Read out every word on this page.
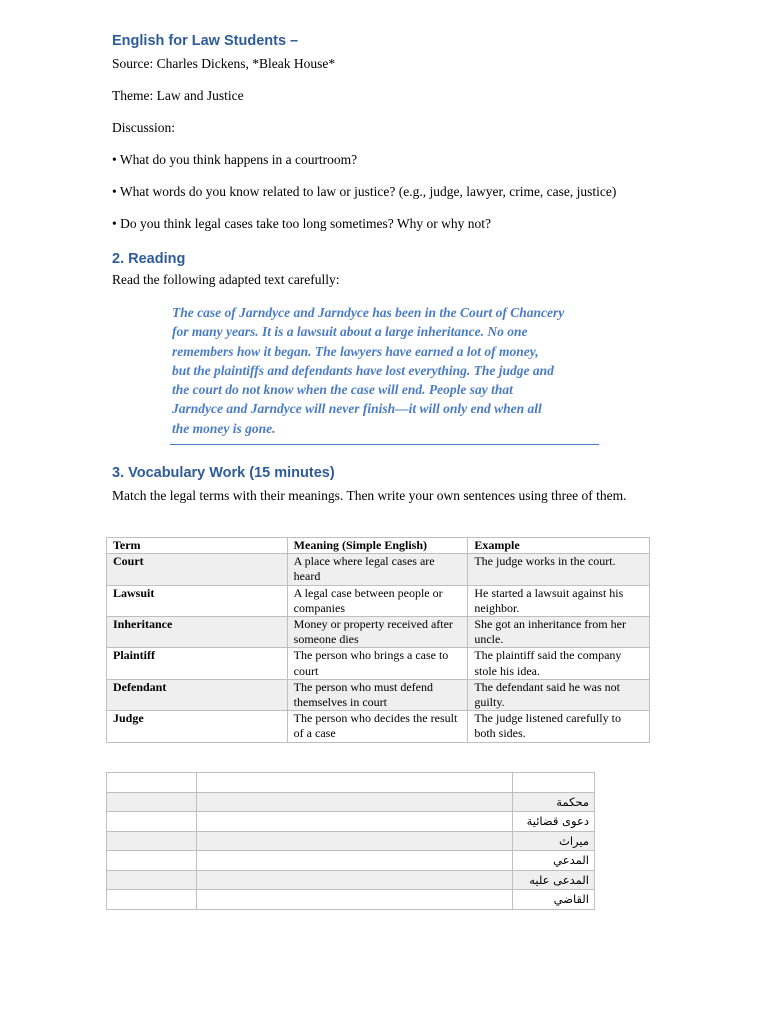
English for Law Students –

Source: Charles Dickens, *Bleak House*

Theme: Law and Justice

Discussion:

• What do you think happens in a courtroom?

• What words do you know related to law or justice? (e.g., judge, lawyer, crime, case, justice)

• Do you think legal cases take too long sometimes? Why or why not?

2. Reading

Read the following adapted text carefully:

The case of Jarndyce and Jarndyce has been in the Court of Chancery
for many years. It is a lawsuit about a large inheritance. No one
remembers how it began. The lawyers have earned a lot of money,
but the plaintiffs and defendants have lost everything. The judge and
the court do not know when the case will end. People say that
Jarndyce and Jarndyce will never finish—it will only end when all
the money is gone.
3. Vocabulary Work (15 minutes)

Match the legal terms with their meanings. Then write your own sentences using three of them.

Term	Meaning (Simple English)	Example
Court	A place where legal cases are heard	The judge works in the court.
Lawsuit	A legal case between people or companies	He started a lawsuit against his neighbor.
Inheritance	Money or property received after someone dies	She got an inheritance from her uncle.
Plaintiff	The person who brings a case to court	The plaintiff said the company stole his idea.
Defendant	The person who must defend themselves in court	The defendant said he was not guilty.
Judge	The person who decides the result of a case	The judge listened carefully to both sides.

		محكمة
		دعوى قضائية
		ميراث
		المدعي
		المدعى عليه
		القاضي
